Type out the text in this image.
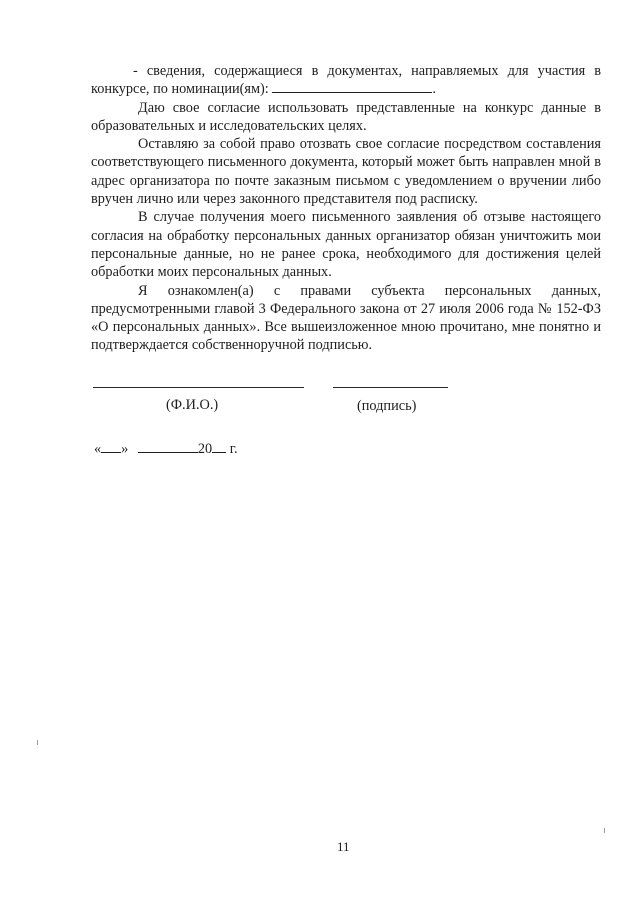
- сведения, содержащиеся в документах, направляемых для участия в конкурсе, по номинации(ям):	.

Даю свое согласие использовать представленные на конкурс данные в образовательных и исследовательских целях.

Оставляю за собой право отозвать свое согласие посредством составления соответствующего письменного документа, который может быть направлен мной в адрес организатора по почте заказным письмом с уведомлением о вручении либо вручен лично или через законного представителя под расписку.

В случае получения моего письменного заявления об отзыве настоящего согласия на обработку персональных данных организатор обязан уничтожить мои персональные данные, но не ранее срока, необходимого для достижения целей обработки моих персональных данных.

Я ознакомлен(а) с правами субъекта персональных данных, предусмотренными главой 3 Федерального закона от 27 июля 2006 года № 152-ФЗ «О персональных данных». Все вышеизложенное мною прочитано, мне понятно и подтверждается собственноручной подписью.

(Ф.И.О.)	(подпись)
« »	20 г.
11
